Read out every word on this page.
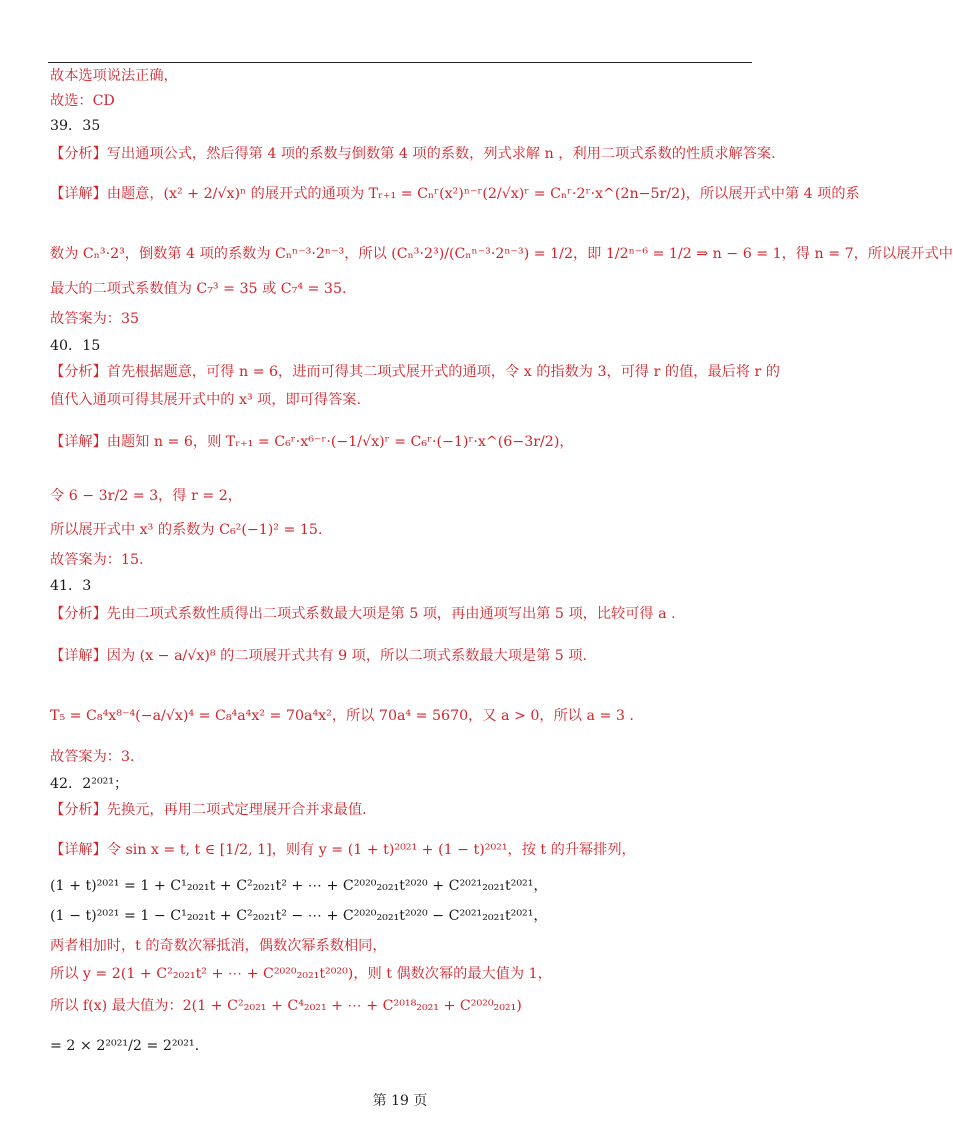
故本选项说法正确，
故选：CD
39．35
【分析】写出通项公式，然后得第 4 项的系数与倒数第 4 项的系数，列式求解 n ，利用二项式系数的性质求解答案.
【详解】由题意，(x² + 2/√x)ⁿ 的展开式的通项为 Tᵣ₊₁ = Cₙʳ(x²)ⁿ⁻ʳ(2/√x)ʳ = Cₙʳ·2ʳ·x^(2n−5r/2)，所以展开式中第 4 项的系
数为 Cₙ³·2³，倒数第 4 项的系数为 Cₙⁿ⁻³·2ⁿ⁻³，所以 (Cₙ³·2³)/(Cₙⁿ⁻³·2ⁿ⁻³) = 1/2，即 1/2ⁿ⁻⁶ = 1/2 ⇒ n − 6 = 1，得 n = 7，所以展开式中
最大的二项式系数值为 C₇³ = 35 或 C₇⁴ = 35.
故答案为：35
40．15
【分析】首先根据题意，可得 n = 6，进而可得其二项式展开式的通项，令 x 的指数为 3，可得 r 的值，最后将 r 的
值代入通项可得其展开式中的 x³ 项，即可得答案.
【详解】由题知 n = 6，则 Tᵣ₊₁ = C₆ʳ·x⁶⁻ʳ·(−1/√x)ʳ = C₆ʳ·(−1)ʳ·x^(6−3r/2)，
令 6 − 3r/2 = 3，得 r = 2，
所以展开式中 x³ 的系数为 C₆²(−1)² = 15.
故答案为：15.
41．3
【分析】先由二项式系数性质得出二项式系数最大项是第 5 项，再由通项写出第 5 项，比较可得 a .
【详解】因为 (x − a/√x)⁸ 的二项展开式共有 9 项，所以二项式系数最大项是第 5 项.
T₅ = C₈⁴x⁸⁻⁴(−a/√x)⁴ = C₈⁴a⁴x² = 70a⁴x²，所以 70a⁴ = 5670，又 a > 0，所以 a = 3 .
故答案为：3.
42．2²⁰²¹；
【分析】先换元，再用二项式定理展开合并求最值.
【详解】令 sin x = t, t ∈ [1/2, 1]，则有 y = (1 + t)²⁰²¹ + (1 − t)²⁰²¹，按 t 的升幂排列，
(1 + t)²⁰²¹ = 1 + C¹₂₀₂₁t + C²₂₀₂₁t² + ⋯ + C²⁰²⁰₂₀₂₁t²⁰²⁰ + C²⁰²¹₂₀₂₁t²⁰²¹，
(1 − t)²⁰²¹ = 1 − C¹₂₀₂₁t + C²₂₀₂₁t² − ⋯ + C²⁰²⁰₂₀₂₁t²⁰²⁰ − C²⁰²¹₂₀₂₁t²⁰²¹，
两者相加时，t 的奇数次幂抵消，偶数次幂系数相同，
所以 y = 2(1 + C²₂₀₂₁t² + ⋯ + C²⁰²⁰₂₀₂₁t²⁰²⁰)，则 t 偶数次幂的最大值为 1，
所以 f(x) 最大值为：2(1 + C²₂₀₂₁ + C⁴₂₀₂₁ + ⋯ + C²⁰¹⁸₂₀₂₁ + C²⁰²⁰₂₀₂₁)
= 2 × 2²⁰²¹/2 = 2²⁰²¹.
第 19 页
